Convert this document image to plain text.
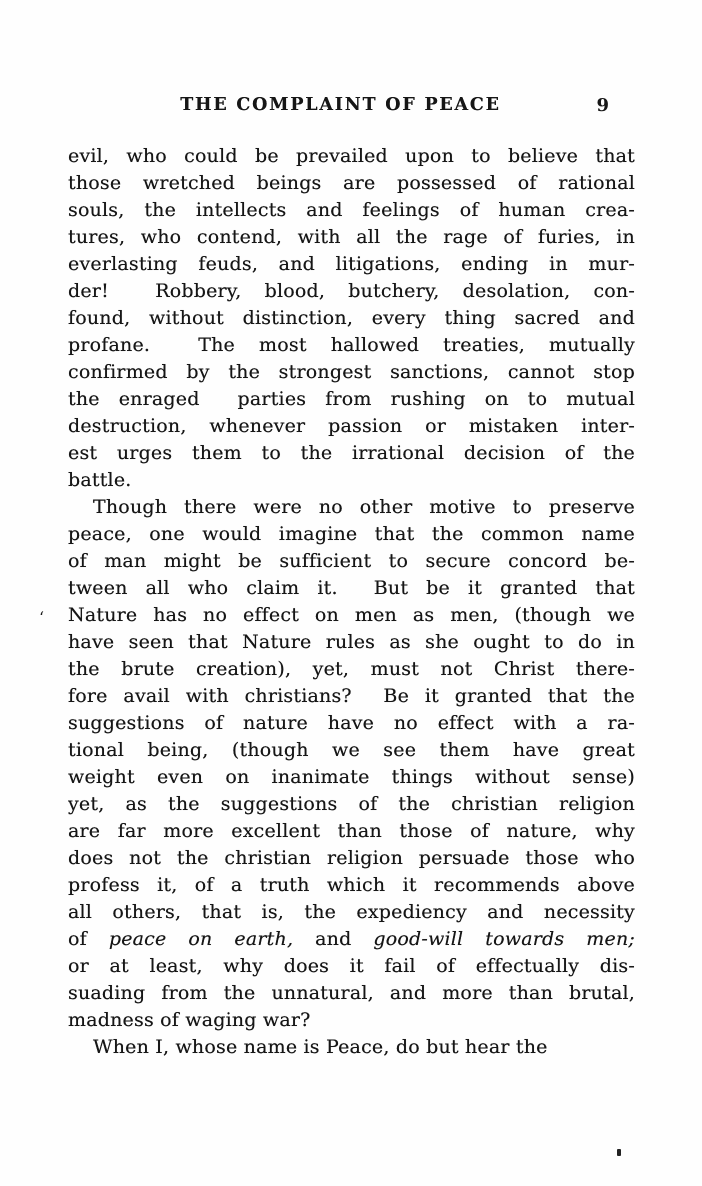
THE COMPLAINT OF PEACE	9
evil, who could be prevailed upon to believe that
those wretched beings are possessed of rational
souls, the intellects and feelings of human crea-
tures, who contend, with all the rage of furies, in
everlasting feuds, and litigations, ending in mur-
der!  Robbery, blood, butchery, desolation, con-
found, without distinction, every thing sacred and
profane.  The most hallowed treaties, mutually
confirmed by the strongest sanctions, cannot stop
the enraged  parties from rushing on to mutual
destruction, whenever passion or mistaken inter-
est urges them to the irrational decision of the
battle.
Though there were no other motive to preserve
peace, one would imagine that the common name
of man might be sufficient to secure concord be-
tween all who claim it.  But be it granted that
Nature has no effect on men as men, (though we
have seen that Nature rules as she ought to do in
the brute creation), yet, must not Christ there-
fore avail with christians?  Be it granted that the
suggestions of nature have no effect with a ra-
tional being, (though we see them have great
weight even on inanimate things without sense)
yet, as the suggestions of the christian religion
are far more excellent than those of nature, why
does not the christian religion persuade those who
profess it, of a truth which it recommends above
all others, that is, the expediency and necessity
of peace on earth, and good-will towards men;
or at least, why does it fail of effectually dis-
suading from the unnatural, and more than brutal,
madness of waging war?
When I, whose name is Peace, do but hear the
‘
